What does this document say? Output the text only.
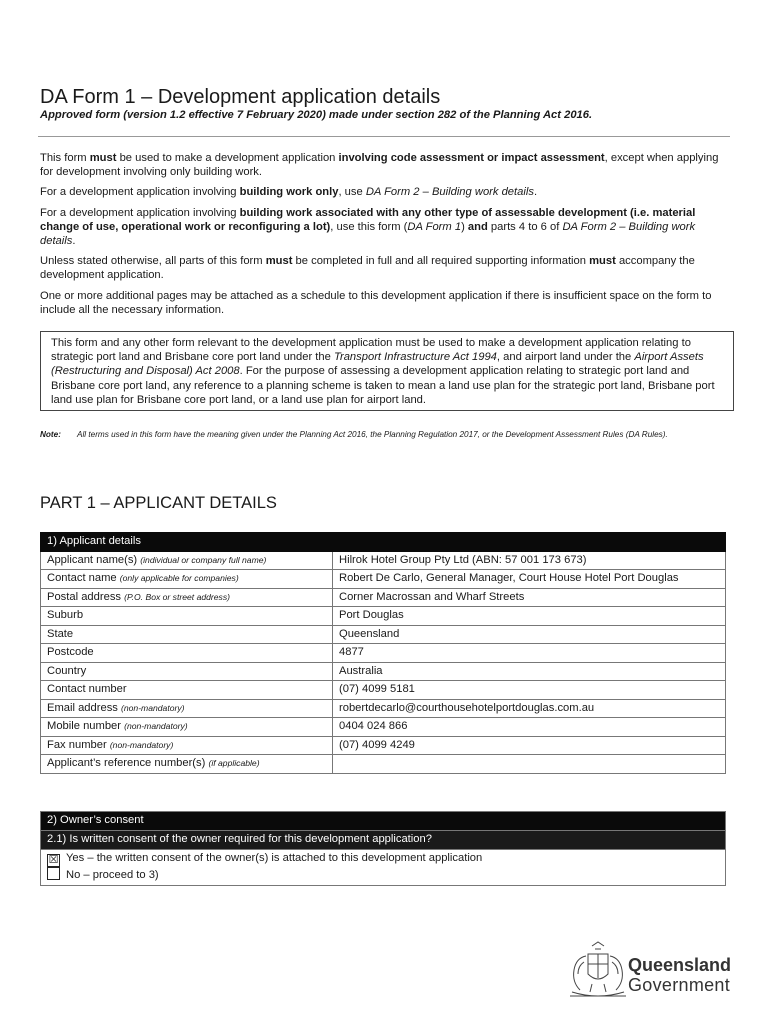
DA Form 1 – Development application details

Approved form (version 1.2 effective 7 February 2020) made under section 282 of the Planning Act 2016.

This form must be used to make a development application involving code assessment or impact assessment, except when applying for development involving only building work.

For a development application involving building work only, use DA Form 2 – Building work details.

For a development application involving building work associated with any other type of assessable development (i.e. material change of use, operational work or reconfiguring a lot), use this form (DA Form 1) and parts 4 to 6 of DA Form 2 – Building work details.

Unless stated otherwise, all parts of this form must be completed in full and all required supporting information must accompany the development application.

One or more additional pages may be attached as a schedule to this development application if there is insufficient space on the form to include all the necessary information.

This form and any other form relevant to the development application must be used to make a development application relating to strategic port land and Brisbane core port land under the Transport Infrastructure Act 1994, and airport land under the Airport Assets (Restructuring and Disposal) Act 2008. For the purpose of assessing a development application relating to strategic port land and Brisbane core port land, any reference to a planning scheme is taken to mean a land use plan for the strategic port land, Brisbane port land use plan for Brisbane core port land, or a land use plan for airport land.
Note: All terms used in this form have the meaning given under the Planning Act 2016, the Planning Regulation 2017, or the Development Assessment Rules (DA Rules).
PART 1 – APPLICANT DETAILS
1) Applicant details	
Applicant name(s) (individual or company full name)	Hilrok Hotel Group Pty Ltd (ABN: 57 001 173 673)
Contact name (only applicable for companies)	Robert De Carlo, General Manager, Court House Hotel Port Douglas
Postal address (P.O. Box or street address)	Corner Macrossan and Wharf Streets
Suburb	Port Douglas
State	Queensland
Postcode	4877
Country	Australia
Contact number	(07) 4099 5181
Email address (non-mandatory)	robertdecarlo@courthousehotelportdouglas.com.au
Mobile number (non-mandatory)	0404 024 866
Fax number (non-mandatory)	(07) 4099 4249
Applicant’s reference number(s) (if applicable)	
2) Owner’s consent
2.1) Is written consent of the owner required for this development application?

☒ Yes – the written consent of the owner(s) is attached to this development application
No – proceed to 3)
Queensland
Government
